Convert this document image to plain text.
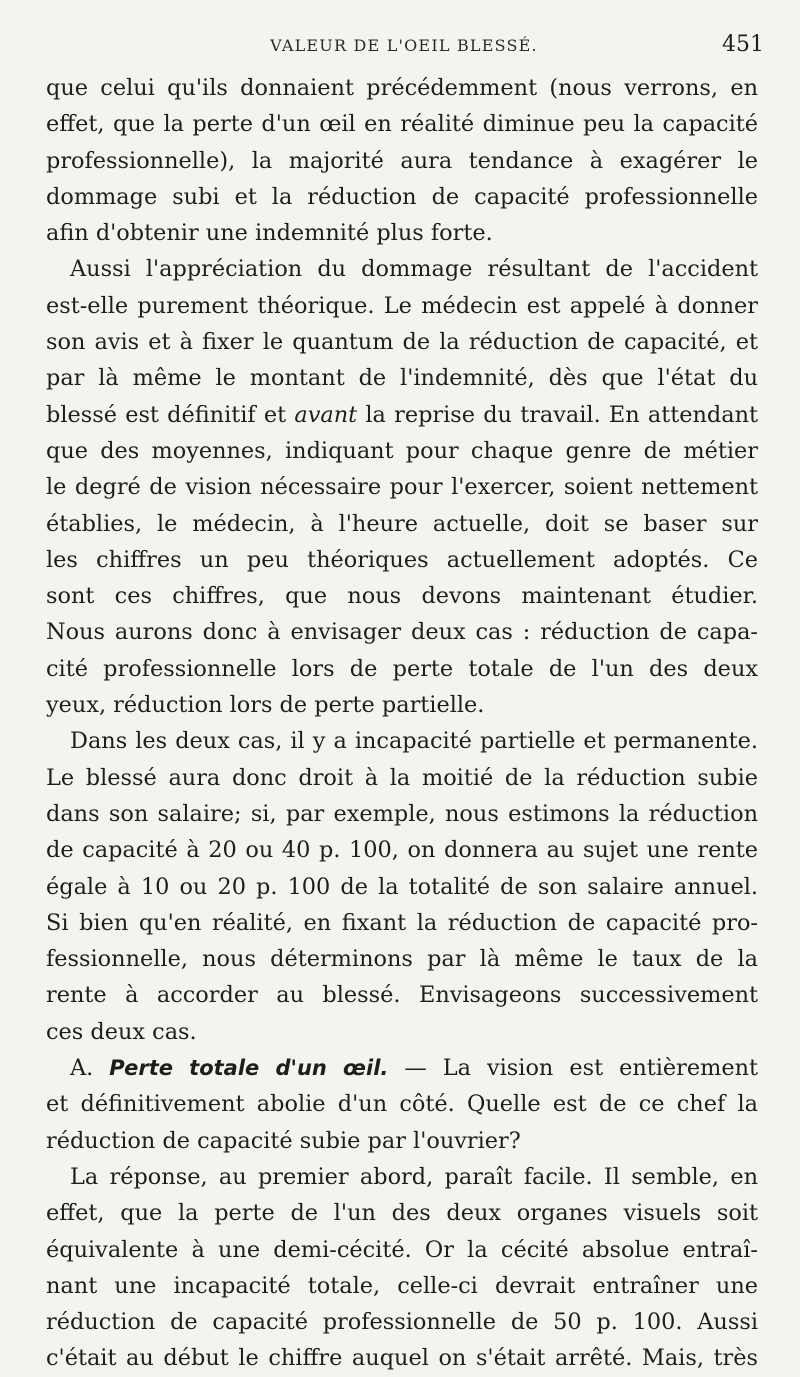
VALEUR DE L'OEIL BLESSÉ.	451
que celui qu'ils donnaient précédemment (nous verrons, en
effet, que la perte d'un œil en réalité diminue peu la capacité
professionnelle), la majorité aura tendance à exagérer le
dommage subi et la réduction de capacité professionnelle
afin d'obtenir une indemnité plus forte.
Aussi l'appréciation du dommage résultant de l'accident
est-elle purement théorique. Le médecin est appelé à donner
son avis et à fixer le quantum de la réduction de capacité, et
par là même le montant de l'indemnité, dès que l'état du
blessé est définitif et avant la reprise du travail. En attendant
que des moyennes, indiquant pour chaque genre de métier
le degré de vision nécessaire pour l'exercer, soient nettement
établies, le médecin, à l'heure actuelle, doit se baser sur
les chiffres un peu théoriques actuellement adoptés. Ce
sont ces chiffres, que nous devons maintenant étudier.
Nous aurons donc à envisager deux cas : réduction de capa-
cité professionnelle lors de perte totale de l'un des deux
yeux, réduction lors de perte partielle.
Dans les deux cas, il y a incapacité partielle et permanente.
Le blessé aura donc droit à la moitié de la réduction subie
dans son salaire; si, par exemple, nous estimons la réduction
de capacité à 20 ou 40 p. 100, on donnera au sujet une rente
égale à 10 ou 20 p. 100 de la totalité de son salaire annuel.
Si bien qu'en réalité, en fixant la réduction de capacité pro-
fessionnelle, nous déterminons par là même le taux de la
rente à accorder au blessé. Envisageons successivement
ces deux cas.
A. Perte totale d'un œil. — La vision est entièrement
et définitivement abolie d'un côté. Quelle est de ce chef la
réduction de capacité subie par l'ouvrier?
La réponse, au premier abord, paraît facile. Il semble, en
effet, que la perte de l'un des deux organes visuels soit
équivalente à une demi-cécité. Or la cécité absolue entraî-
nant une incapacité totale, celle-ci devrait entraîner une
réduction de capacité professionnelle de 50 p. 100. Aussi
c'était au début le chiffre auquel on s'était arrêté. Mais, très
